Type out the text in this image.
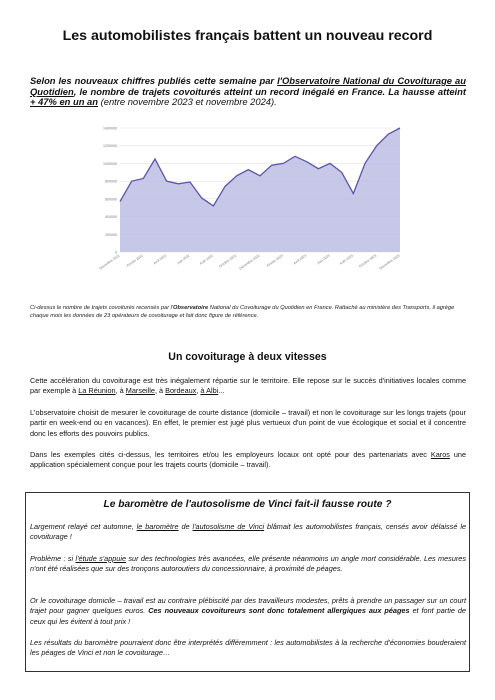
Les automobilistes français battent un nouveau record
Selon les nouveaux chiffres publiés cette semaine par l'Observatoire National du Covoiturage au Quotidien, le nombre de trajets covoiturés atteint un record inégalé en France. La hausse atteint + 47% en un an (entre novembre 2023 et novembre 2024).
0
200000
400000
600000
800000
1000000
1200000
1400000
Décembre 2021 Février 2022	Avril 2022	Juin 2022 Août 2022 Octobre 2022 Décembre 2022 Février 2023	Avril 2023	Juin 2023 Août 2023 Octobre 2023 Décembre 2023
Ci-dessus le nombre de trajets covoiturés recensés par l'Observatoire National du Covoiturage du Quotidien en France. Rattaché au ministère des Transports, il agrège chaque mois les données de 23 opérateurs de covoiturage et fait donc figure de référence.
Un covoiturage à deux vitesses
Cette accélération du covoiturage est très inégalement répartie sur le territoire. Elle repose sur le succès d'initiatives locales comme par exemple à La Réunion, à Marseille, à Bordeaux, à Albi...
L'observatoire choisit de mesurer le covoiturage de courte distance (domicile – travail) et non le covoiturage sur les longs trajets (pour partir en week-end ou en vacances). En effet, le premier est jugé plus vertueux d'un point de vue écologique et social et il concentre donc les efforts des pouvoirs publics.
Dans les exemples cités ci-dessus, les territoires et/ou les employeurs locaux ont opté pour des partenariats avec Karos une application spécialement conçue pour les trajets courts (domicile – travail).
Le baromètre de l'autosolisme de Vinci fait-il fausse route ?
Largement relayé cet automne, le baromètre de l'autosolisme de Vinci blâmait les automobilistes français, censés avoir délaissé le covoiturage !
Problème : si l'étude s'appuie sur des technologies très avancées, elle présente néanmoins un angle mort considérable. Les mesures n'ont été réalisées que sur des tronçons autoroutiers du concessionnaire, à proximité de péages.
Or le covoiturage domicile – travail est au contraire plébiscité par des travailleurs modestes, prêts à prendre un passager sur un court trajet pour gagner quelques euros. Ces nouveaux covoitureurs sont donc totalement allergiques aux péages et font partie de ceux qui les évitent à tout prix !
Les résultats du baromètre pourraient donc être interprétés différemment : les automobilistes à la recherche d'économies bouderaient les péages de Vinci et non le covoiturage…
